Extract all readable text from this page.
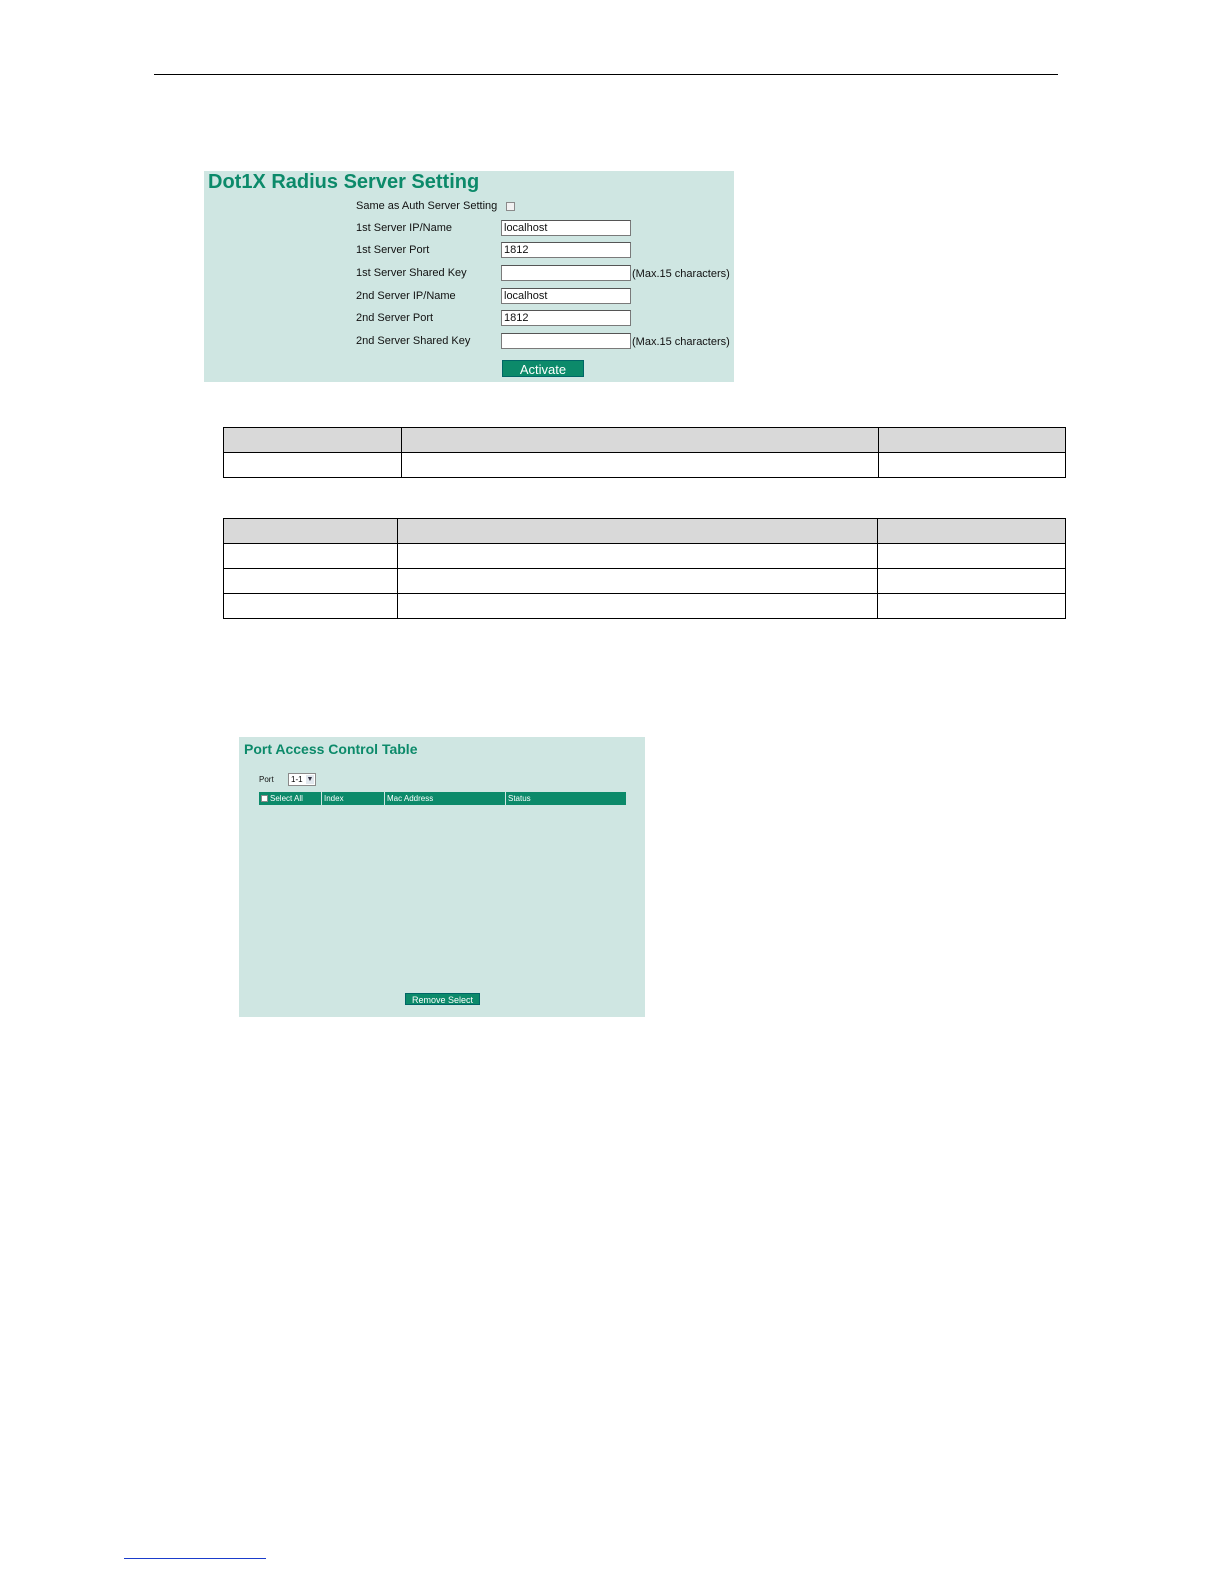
Dot1X Radius Server Setting
Same as Auth Server Setting
1st Server IP/Name	localhost
1st Server Port	1812
1st Server Shared Key	(Max.15 characters)
2nd Server IP/Name	localhost
2nd Server Port	1812
2nd Server Shared Key	(Max.15 characters)
Activate

Port Access Control Table
Port	1-1 ▼
Select All	Index	Mac Address	Status
Remove Select
